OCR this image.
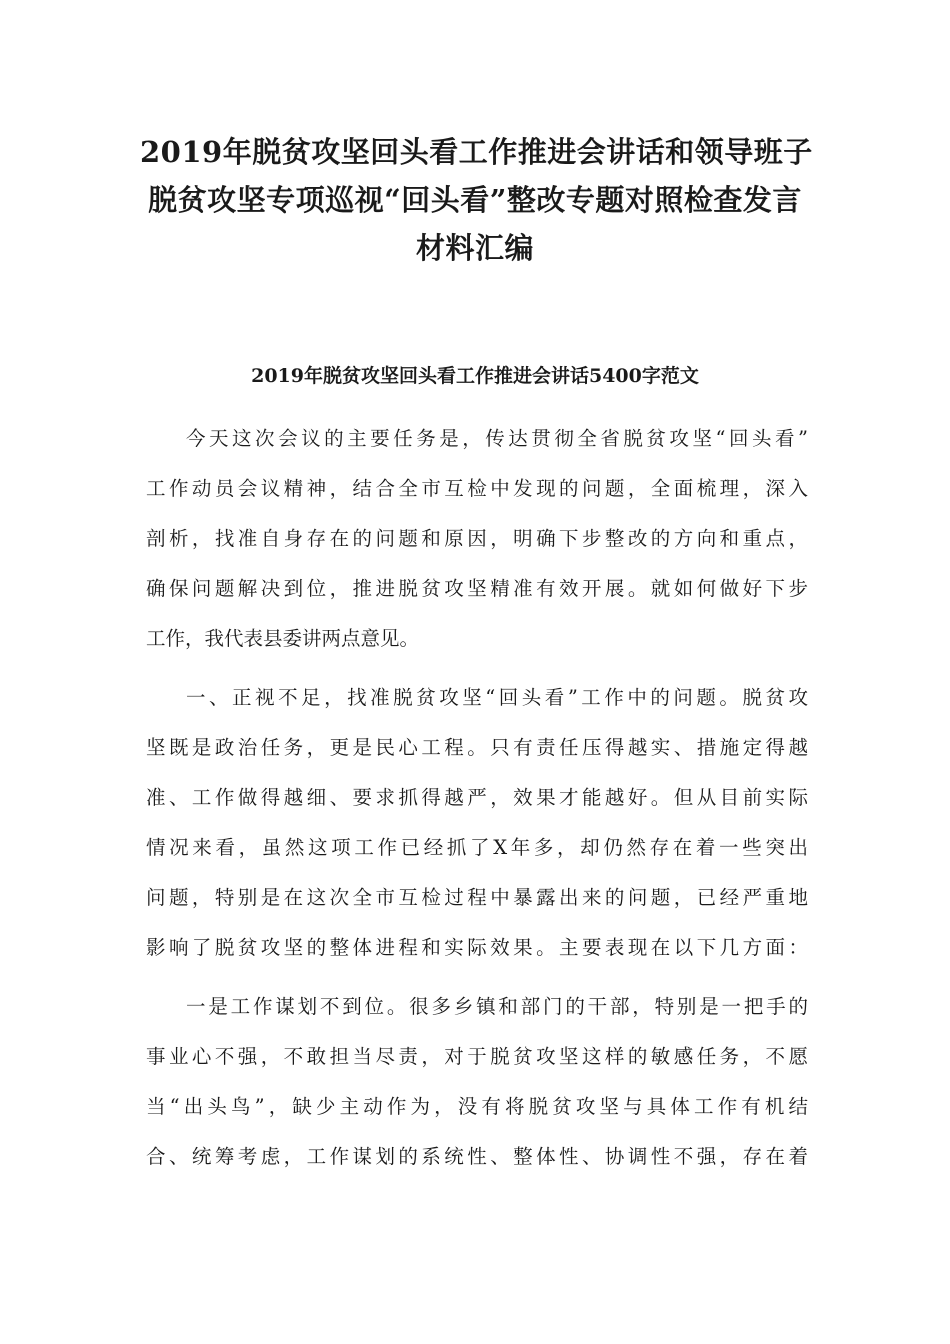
2019年脱贫攻坚回头看工作推进会讲话和领导班子
脱贫攻坚专项巡视“回头看”整改专题对照检查发言
材料汇编
2019年脱贫攻坚回头看工作推进会讲话5400字范文
今天这次会议的主要任务是，传达贯彻全省脱贫攻坚“回头看”
工作动员会议精神，结合全市互检中发现的问题，全面梳理，深入
剖析，找准自身存在的问题和原因，明确下步整改的方向和重点，
确保问题解决到位，推进脱贫攻坚精准有效开展。就如何做好下步
工作，我代表县委讲两点意见。
一、正视不足，找准脱贫攻坚“回头看”工作中的问题。脱贫攻
坚既是政治任务，更是民心工程。只有责任压得越实、措施定得越
准、工作做得越细、要求抓得越严，效果才能越好。但从目前实际
情况来看，虽然这项工作已经抓了X年多，却仍然存在着一些突出
问题，特别是在这次全市互检过程中暴露出来的问题，已经严重地
影响了脱贫攻坚的整体进程和实际效果。主要表现在以下几方面：
一是工作谋划不到位。很多乡镇和部门的干部，特别是一把手的
事业心不强，不敢担当尽责，对于脱贫攻坚这样的敏感任务，不愿
当“出头鸟”，缺少主动作为，没有将脱贫攻坚与具体工作有机结
合、统筹考虑，工作谋划的系统性、整体性、协调性不强，存在着
